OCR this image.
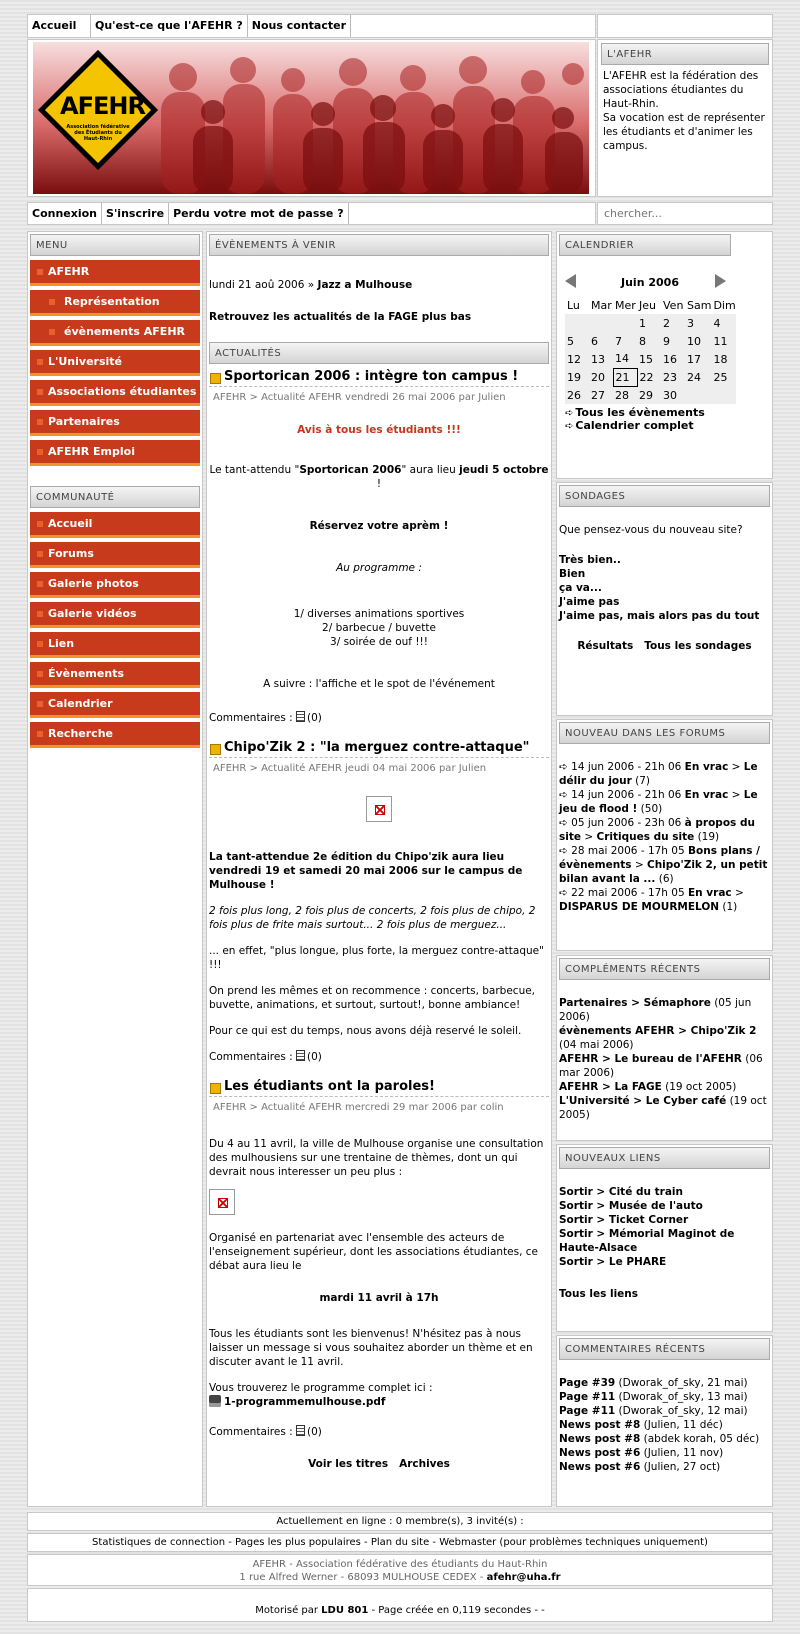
Accueil Qu'est-ce que l'AFEHR ? Nous contacter
AFEHR
Association fédérative
des Étudiants du
Haut-Rhin
L'AFEHR
L'AFEHR est la fédération des associations étudiantes du Haut-Rhin.
Sa vocation est de représenter les étudiants et d'animer les campus.
Connexion S'inscrire Perdu votre mot de passe ?
chercher...
MENU
AFEHR
Représentation
évènements AFEHR
L'Université
Associations étudiantes
Partenaires
AFEHR Emploi
COMMUNAUTÉ
Accueil
Forums
Galerie photos
Galerie vidéos
Lien
Évènements
Calendrier
Recherche
ÉVÈNEMENTS À VENIR
lundi 21 aoû 2006 » Jazz a Mulhouse
Retrouvez les actualités de la FAGE plus bas
ACTUALITÉS
Sportorican 2006 : intègre ton campus !
AFEHR > Actualité AFEHR vendredi 26 mai 2006 par Julien
Avis à tous les étudiants !!!
Le tant-attendu "Sportorican 2006" aura lieu jeudi 5 octobre !
Réservez votre aprèm !
Au programme :
1/ diverses animations sportives
2/ barbecue / buvette
3/ soirée de ouf !!!
A suivre : l'affiche et le spot de l'événement
Commentaires : (0)
Chipo'Zik 2 : "la merguez contre-attaque"
AFEHR > Actualité AFEHR jeudi 04 mai 2006 par Julien
La tant-attendue 2e édition du Chipo'zik aura lieu vendredi 19 et samedi 20 mai 2006 sur le campus de Mulhouse !
2 fois plus long, 2 fois plus de concerts, 2 fois plus de chipo, 2 fois plus de frite mais surtout... 2 fois plus de merguez...
... en effet, "plus longue, plus forte, la merguez contre-attaque" !!!
On prend les mêmes et on recommence : concerts, barbecue, buvette, animations, et surtout, surtout!, bonne ambiance!
Pour ce qui est du temps, nous avons déjà reservé le soleil.
Commentaires : (0)
Les étudiants ont la paroles!
AFEHR > Actualité AFEHR mercredi 29 mar 2006 par colin
Du 4 au 11 avril, la ville de Mulhouse organise une consultation des mulhousiens sur une trentaine de thèmes, dont un qui devrait nous interesser un peu plus :
Organisé en partenariat avec l'ensemble des acteurs de l'enseignement supérieur, dont les associations étudiantes, ce débat aura lieu le
mardi 11 avril à 17h
Tous les étudiants sont les bienvenus! N'hésitez pas à nous laisser un message si vous souhaitez aborder un thème et en discuter avant le 11 avril.
Vous trouverez le programme complet ici :
1-programmemulhouse.pdf
Commentaires : (0)
Voir les titres Archives
CALENDRIER
Juin 2006
Lu	Mar	Mer	Jeu	Ven	Sam	Dim
			1	2	3	4
5	6	7	8	9	10	11
12	13	14	15	16	17	18
19	20	21	22	23	24	25
26	27	28	29	30		
➪ Tous les évènements
➪ Calendrier complet
SONDAGES
Que pensez-vous du nouveau site?
Très bien..
Bien
ça va...
J'aime pas
J'aime pas, mais alors pas du tout
Résultats Tous les sondages
NOUVEAU DANS LES FORUMS
➪ 14 jun 2006 - 21h 06 En vrac > Le délir du jour (7)
➪ 14 jun 2006 - 21h 06 En vrac > Le jeu de flood ! (50)
➪ 05 jun 2006 - 23h 06 à propos du site > Critiques du site (19)
➪ 28 mai 2006 - 17h 05 Bons plans / évènements > Chipo'Zik 2, un petit bilan avant la ... (6)
➪ 22 mai 2006 - 17h 05 En vrac > DISPARUS DE MOURMELON (1)
COMPLÉMENTS RÉCENTS
Partenaires > Sémaphore (05 jun 2006)
évènements AFEHR > Chipo'Zik 2 (04 mai 2006)
AFEHR > Le bureau de l'AFEHR (06 mar 2006)
AFEHR > La FAGE (19 oct 2005)
L'Université > Le Cyber café (19 oct 2005)
NOUVEAUX LIENS
Sortir > Cité du train
Sortir > Musée de l'auto
Sortir > Ticket Corner
Sortir > Mémorial Maginot de Haute-Alsace
Sortir > Le PHARE
Tous les liens
COMMENTAIRES RÉCENTS
Page #39 (Dworak_of_sky, 21 mai)
Page #11 (Dworak_of_sky, 13 mai)
Page #11 (Dworak_of_sky, 12 mai)
News post #8 (Julien, 11 déc)
News post #8 (abdek korah, 05 déc)
News post #6 (Julien, 11 nov)
News post #6 (Julien, 27 oct)
Actuellement en ligne : 0 membre(s), 3 invité(s) :
Statistiques de connection - Pages les plus populaires - Plan du site - Webmaster (pour problèmes techniques uniquement)
AFEHR - Association fédérative des étudiants du Haut-Rhin
1 rue Alfred Werner - 68093 MULHOUSE CEDEX - afehr@uha.fr
Motorisé par LDU 801 - Page créée en 0,119 secondes - -
